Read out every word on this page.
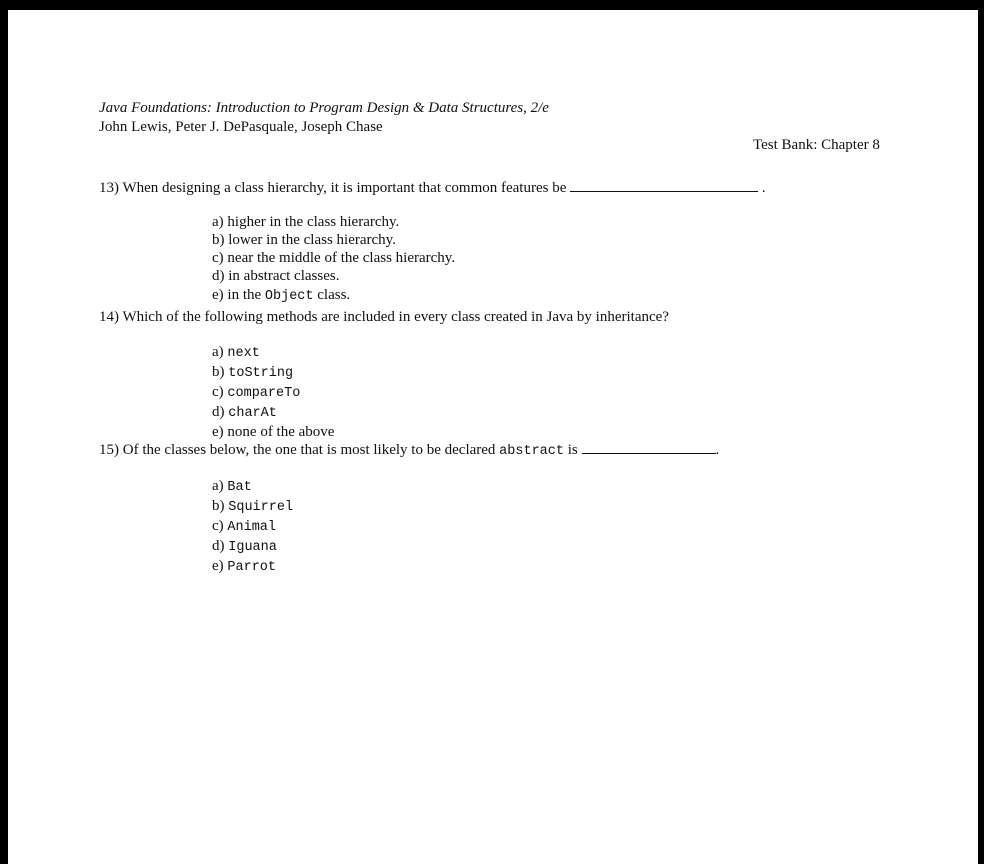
Java Foundations: Introduction to Program Design & Data Structures, 2/e
John Lewis, Peter J. DePasquale, Joseph Chase
Test Bank: Chapter 8
13) When designing a class hierarchy, it is important that common features be	.
a) higher in the class hierarchy.
b) lower in the class hierarchy.
c) near the middle of the class hierarchy.
d) in abstract classes.
e) in the Object class.
14) Which of the following methods are included in every class created in Java by inheritance?
a) next
b) toString
c) compareTo
d) charAt
e) none of the above
15) Of the classes below, the one that is most likely to be declared abstract is	.
a) Bat
b) Squirrel
c) Animal
d) Iguana
e) Parrot
